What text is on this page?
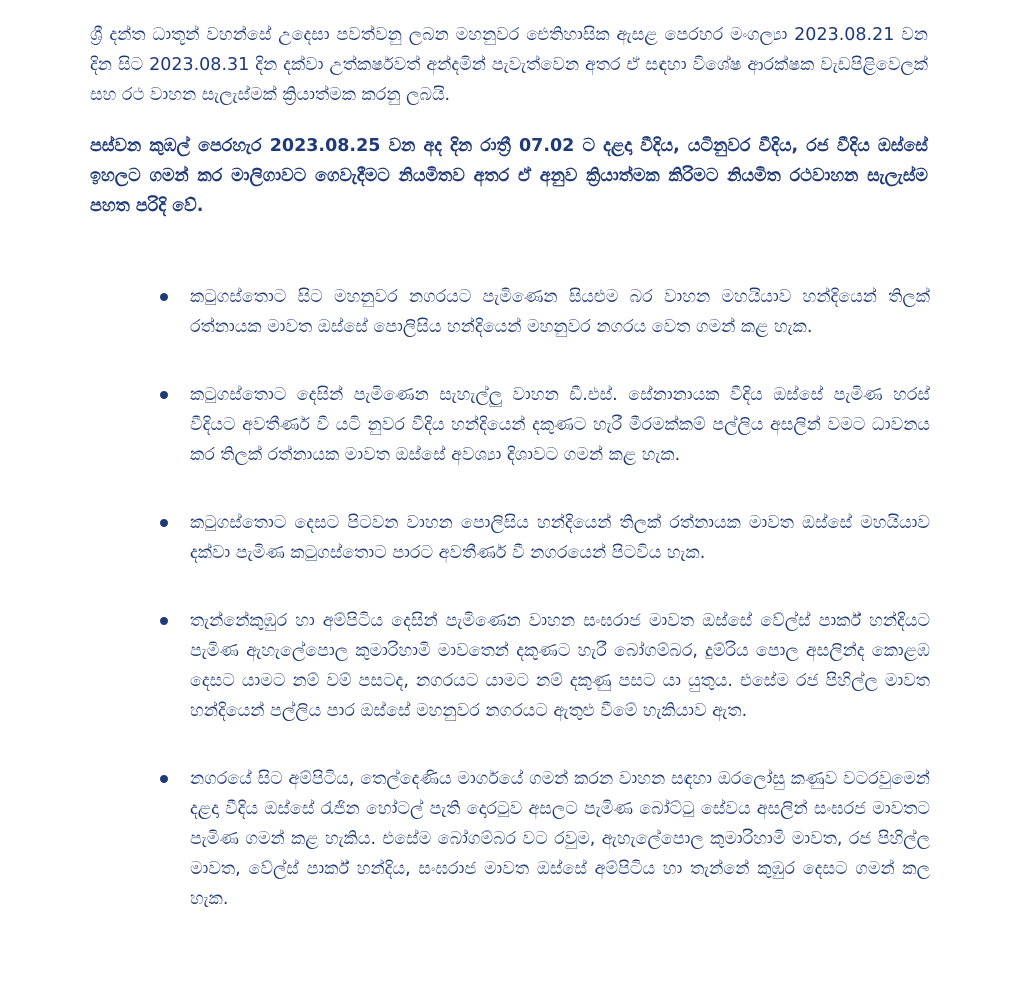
ශ්‍රී දන්ත ධාතූන් වහන්සේ උදෙසා පවත්වනු ලබන මහනුවර ඓතිහාසික ඇසළ පෙරහර මංගල්‍යා 2023.08.21 වන දින සිට 2023.08.31 දින දක්වා උත්කර්ෂවත් අන්දමින් පැවැත්වෙන අතර ඒ සඳහා විශේෂ ආරක්ෂක වැඩපිළිවෙලක් සහ රථ වාහන සැලැස්මක් ක්‍රියාත්මක කරනු ලබයි.

පස්වන කුඹල් පෙරහැර 2023.08.25 වන අද දින රාත්‍රී 07.02 ට දළදා වීදිය, යටිනුවර වීදිය, රජ වීදිය ඔස්සේ ඉහලට ගමන් කර මාලිගාවට ගෙවැදීමට නියමිතව අතර ඒ අනුව ක්‍රියාත්මක කිරිමට නියමිත රථවාහන සැලැස්ම පහත පරිදි වේ.

කටුගස්තොට සිට මහනුවර නගරයට පැමිණෙන සියළුම බර වාහන මහයියාව හන්දියෙන් තිලක් රත්නායක මාවත ඔස්සේ පොලිසිය හන්දියෙන් මහනුවර නගරය වෙත ගමන් කළ හැක.
කටුගස්තොට දෙසින් පැමිණෙන සැහැල්ලු වාහන ඩී.එස්. සේනානායක වීදිය ඔස්සේ පැමිණ හරස් වීදියට අවතීර්ණ වී යටි නුවර වීදිය හන්දියෙන් දකුණට හැරී මීරමක්කම් පල්ලිය අසලින් වමට ධාවනය කර තිලක් රත්නායක මාවත ඔස්සේ අවශ්‍යා දිශාවට ගමන් කළ හැක.
කටුගස්තොට දෙසට පිටවන වාහන පොලිසිය හන්දියෙන් තිලක් රත්නායක මාවත ඔස්සේ මහයියාව දක්වා පැමිණ කටුගස්තොට පාරට අවතීර්ණ වී නගරයෙන් පිටවිය හැක.
තැන්නේකුඹුර හා අම්පිටිය දෙසින් පැමිණෙන වාහන සංඝරාජ මාවත ඔස්සේ වේල්ස් පාර්ක් හන්දියට පැමිණ ඇහැලේපොල කුමාරිහාමි මාවතෙන් දකුණට හැරී බෝගම්බර, දුම්රිය පොල අසලින්ද කොළඹ දෙසට යාමට නම් වම් පසටද, නගරයට යාමට නම් දකුණු පසට යා යුතුය. එසේම රජ පිහිල්ල මාවත හන්දියෙන් පල්ලිය පාර ඔස්සේ මහනුවර නගරයට ඇතුළු වීමේ හැකියාව ඇත.
නගරයේ සිට අම්පිටිය, තෙල්දෙණිය මාර්ගයේ ගමන් කරන වාහන සඳහා ඔරලෝසු කණුව වටරවුමෙන් දළදා වීදිය ඔස්සේ රැජින හෝටල් පැති දොරටුව අසලට පැමිණ බෝට්ටු සේවය අසලින් සංඝරජ මාවතට පැමිණ ගමන් කළ හැකිය. එසේම බෝගම්බර වට රවුම, ඇහැලේපොල කුමාරිහාමි මාවත, රජ පිහිල්ල මාවත, වේල්ස් පාර්ක් හන්දිය, සංඝරාජ මාවත ඔස්සේ අම්පිටිය හා තැන්නේ කුඹුර දෙසට ගමන් කල හැක.
